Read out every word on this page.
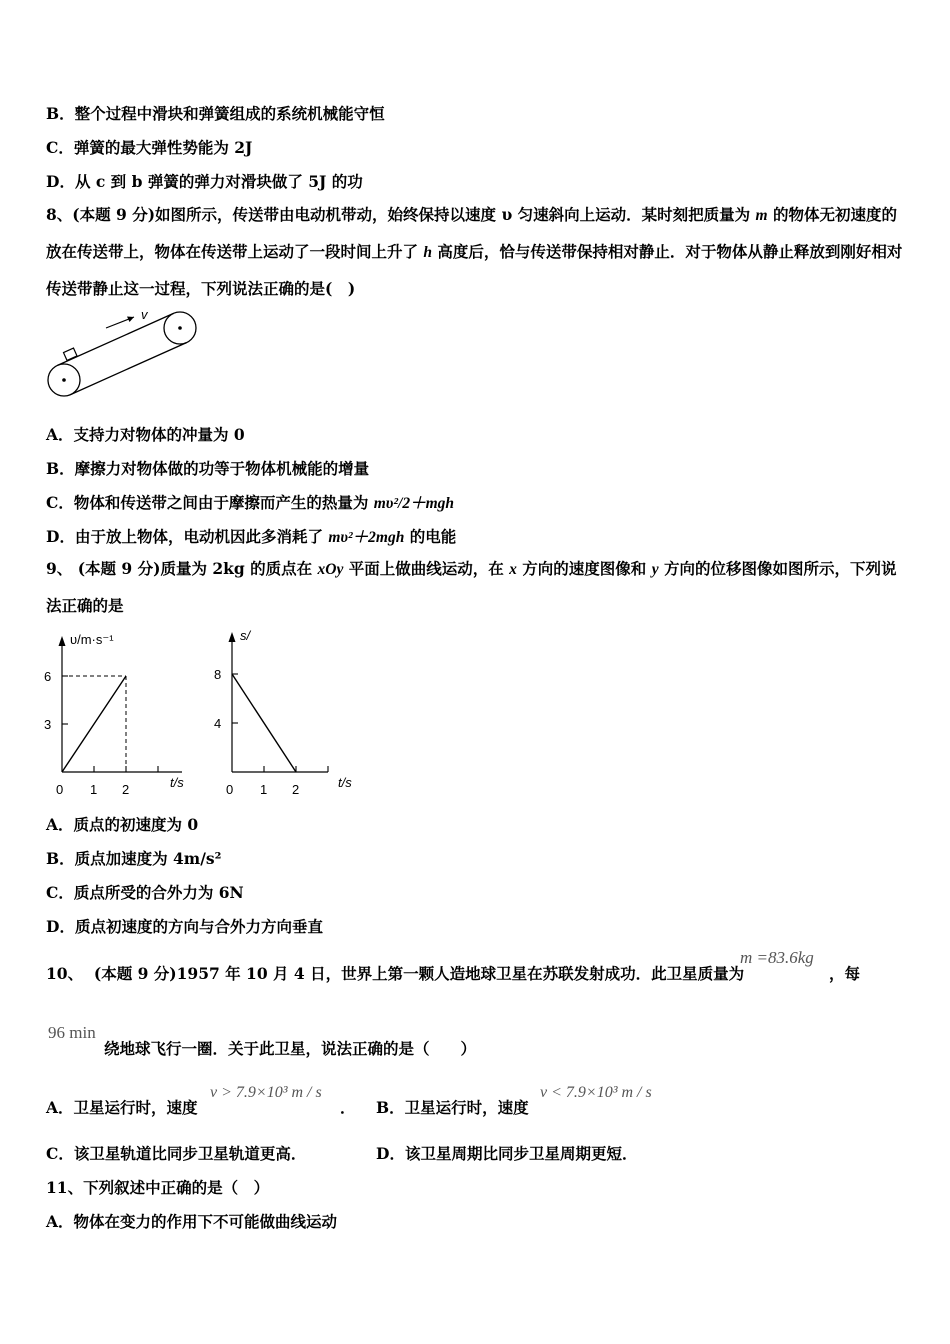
B．整个过程中滑块和弹簧组成的系统机械能守恒
C．弹簧的最大弹性势能为 2J
D．从 c 到 b 弹簧的弹力对滑块做了 5J 的功
8、(本题 9 分)如图所示，传送带由电动机带动，始终保持以速度 υ 匀速斜向上运动．某时刻把质量为 m 的物体无初速度的放在传送带上，物体在传送带上运动了一段时间上升了 h 高度后，恰与传送带保持相对静止．对于物体从静止释放到刚好相对传送带静止这一过程，下列说法正确的是(　)
v
A．支持力对物体的冲量为 0
B．摩擦力对物体做的功等于物体机械能的增量
C．物体和传送带之间由于摩擦而产生的热量为 mυ²/2＋mgh
D．由于放上物体，电动机因此多消耗了 mυ²＋2mgh 的电能
9、 (本题 9 分)质量为 2kg 的质点在 xOy 平面上做曲线运动，在 x 方向的速度图像和 y 方向的位移图像如图所示，下列说法正确的是
υ/m·s⁻¹
t/s
0 1 2
3
6
s/
t/s
0 1 2
4
8
A．质点的初速度为 0
B．质点加速度为 4m/s²
C．质点所受的合外力为 6N
D．质点初速度的方向与合外力方向垂直
10、 (本题 9 分)1957 年 10 月 4 日，世界上第一颗人造地球卫星在苏联发射成功．此卫星质量为
m =83.6kg
，每
96 min
绕地球飞行一圈．关于此卫星，说法正确的是（　　）
A．卫星运行时，速度
v > 7.9×10³ m / s
． B．卫星运行时，速度
v < 7.9×10³ m / s
C．该卫星轨道比同步卫星轨道更高．	D．该卫星周期比同步卫星周期更短．
11、下列叙述中正确的是（　）
A．物体在变力的作用下不可能做曲线运动
